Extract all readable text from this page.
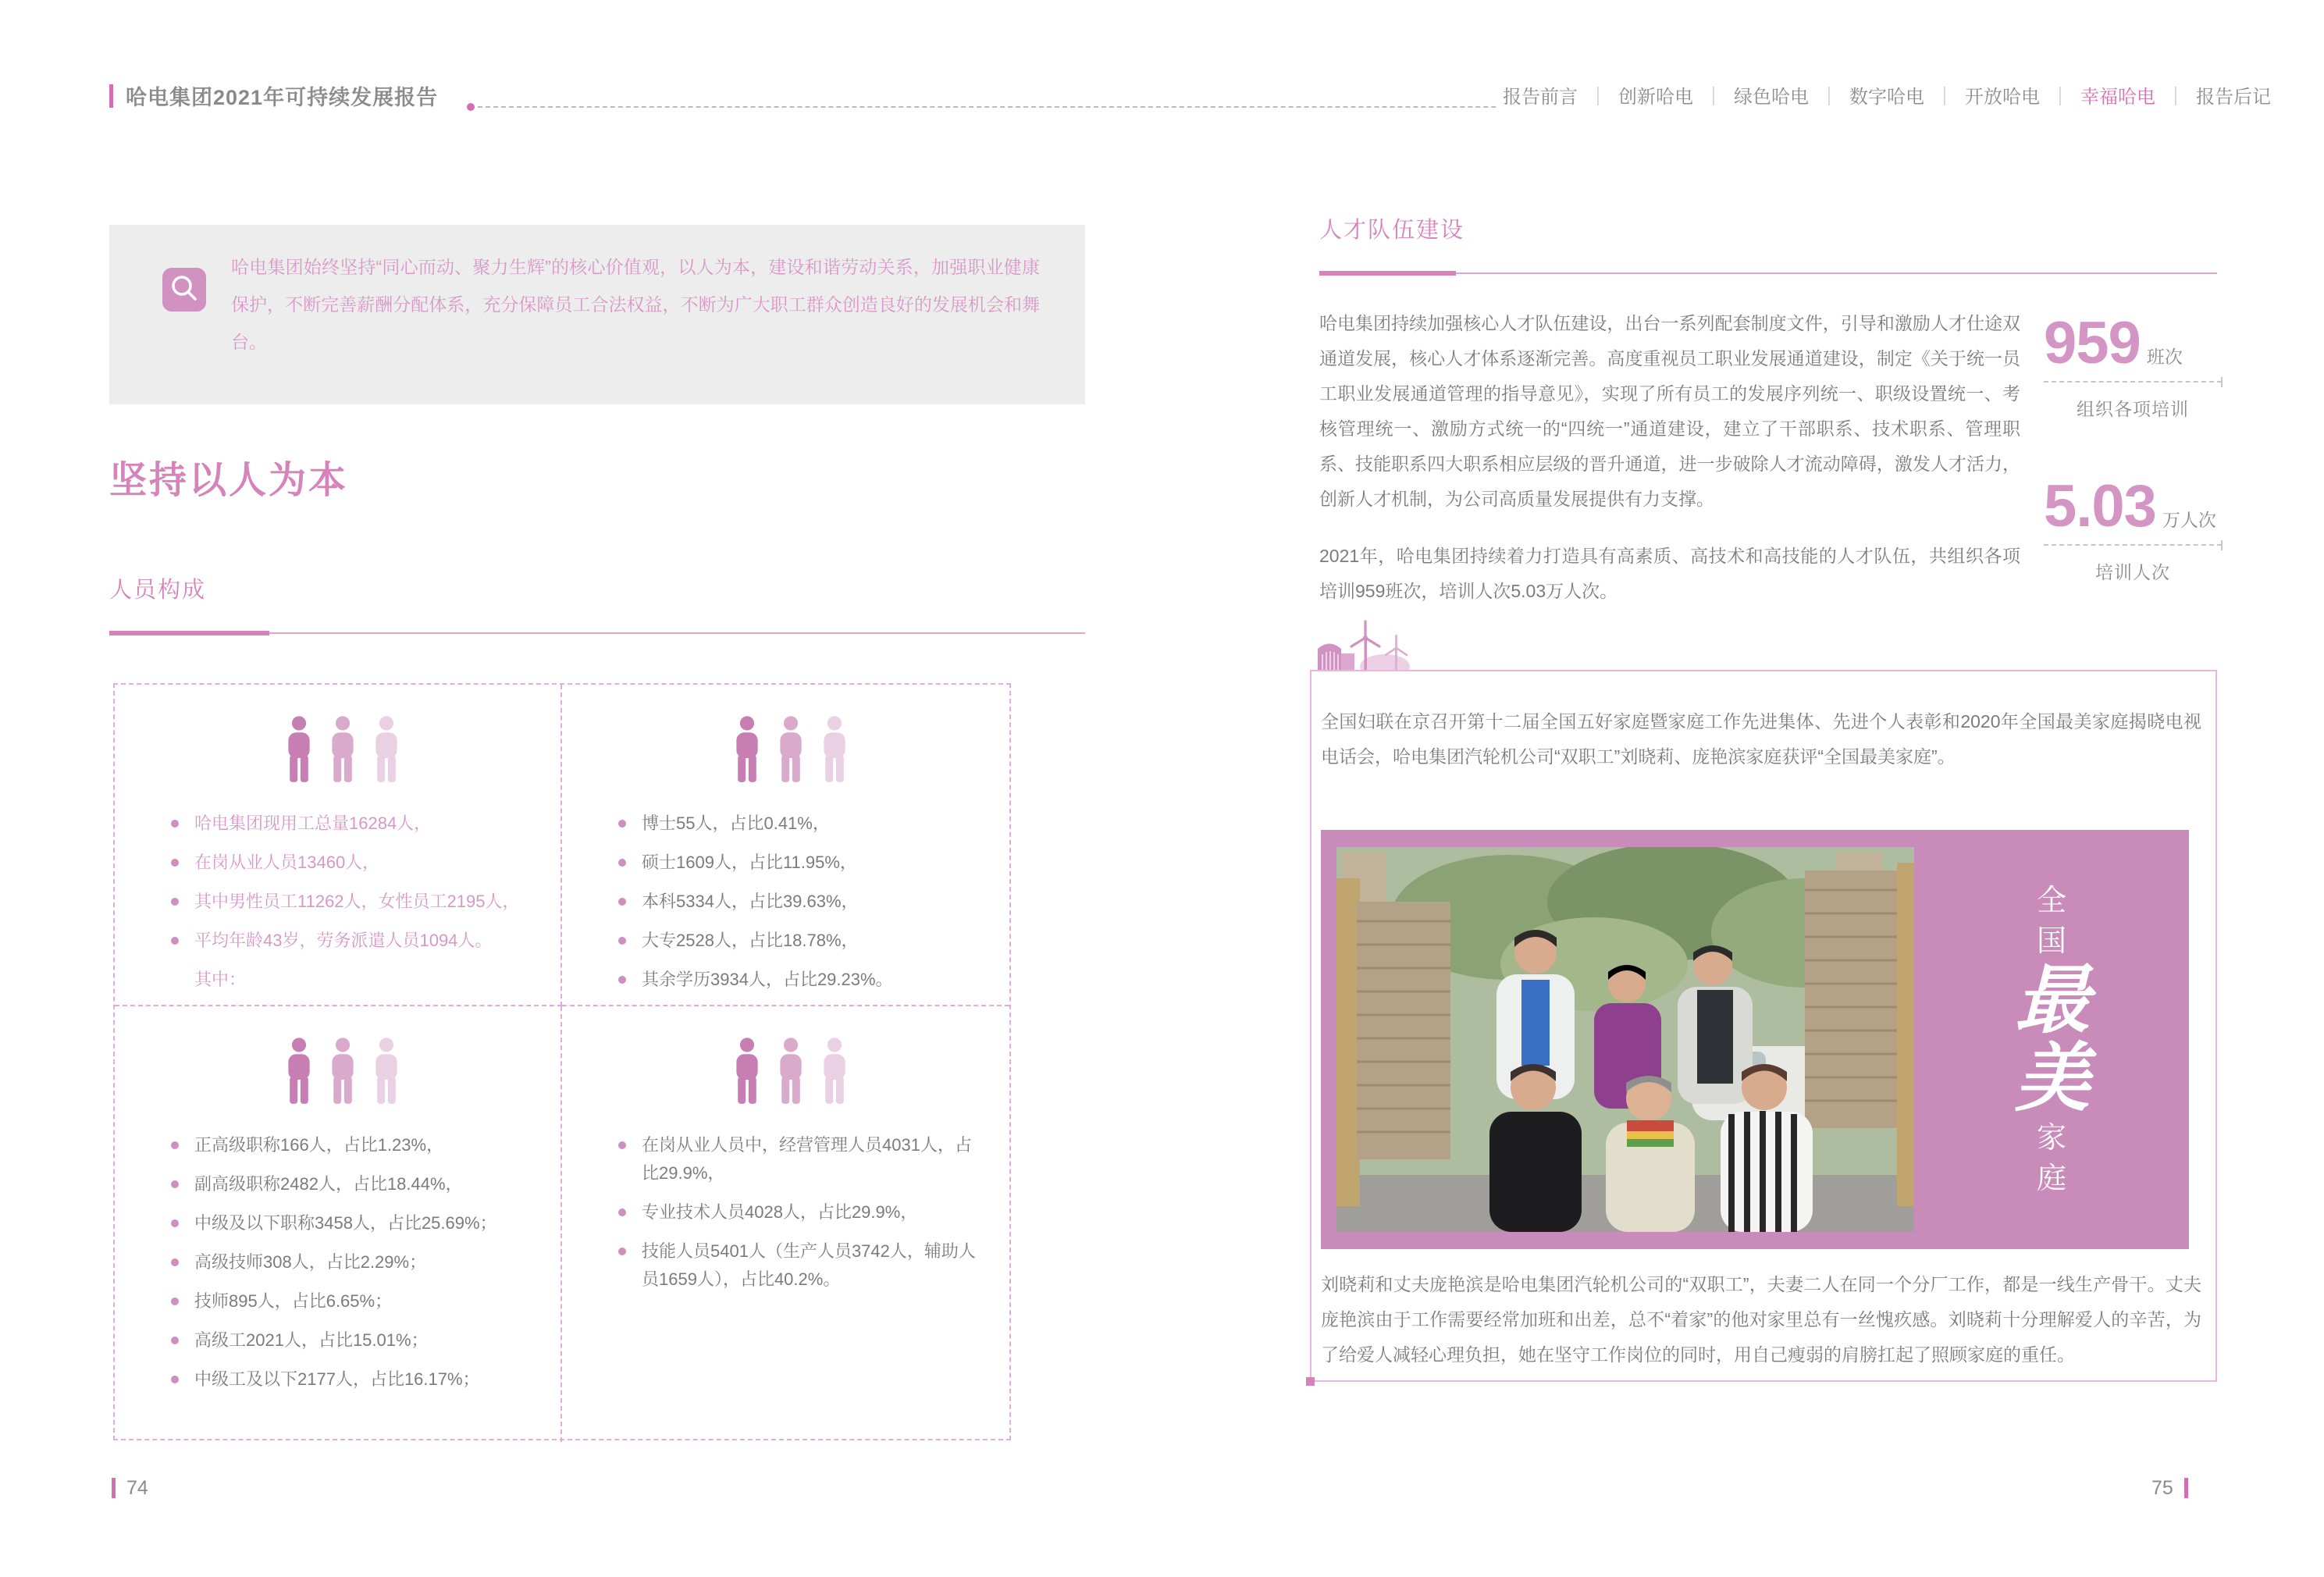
哈电集团2021年可持续发展报告	报告前言 ｜ 创新哈电 ｜ 绿色哈电 ｜ 数字哈电 ｜ 开放哈电 ｜ 幸福哈电 ｜ 报告后记

哈电集团始终坚持“同心而动、聚力生辉”的核心价值观，以人为本，建设和谐劳动关系，加强职业健康保护，不断完善薪酬分配体系，充分保障员工合法权益，不断为广大职工群众创造良好的发展机会和舞台。

坚持以人为本
人员构成
哈电集团现用工总量16284人，
在岗从业人员13460人，
其中男性员工11262人，女性员工2195人，
平均年龄43岁，劳务派遣人员1094人。
其中：
博士55人，占比0.41%，
硕士1609人，占比11.95%，
本科5334人，占比39.63%，
大专2528人，占比18.78%，
其余学历3934人，占比29.23%。
正高级职称166人，占比1.23%，
副高级职称2482人，占比18.44%，
中级及以下职称3458人，占比25.69%；
高级技师308人，占比2.29%；
技师895人，占比6.65%；
高级工2021人，占比15.01%；
中级工及以下2177人，占比16.17%；
在岗从业人员中，经营管理人员4031人，占比29.9%，
专业技术人员4028人，占比29.9%，
技能人员5401人（生产人员3742人，辅助人员1659人），占比40.2%。
74
人才队伍建设

哈电集团持续加强核心人才队伍建设，出台一系列配套制度文件，引导和激励人才仕途双通道发展，核心人才体系逐渐完善。高度重视员工职业发展通道建设，制定《关于统一员工职业发展通道管理的指导意见》，实现了所有员工的发展序列统一、职级设置统一、考核管理统一、激励方式统一的“四统一”通道建设，建立了干部职系、技术职系、管理职系、技能职系四大职系相应层级的晋升通道，进一步破除人才流动障碍，激发人才活力，创新人才机制，为公司高质量发展提供有力支撑。

2021年，哈电集团持续着力打造具有高素质、高技术和高技能的人才队伍，共组织各项培训959班次，培训人次5.03万人次。

959 班次
组织各项培训
5.03 万人次
培训人次

全国妇联在京召开第十二届全国五好家庭暨家庭工作先进集体、先进个人表彰和2020年全国最美家庭揭晓电视电话会，哈电集团汽轮机公司“双职工”刘晓莉、庞艳滨家庭获评“全国最美家庭”。

全
国
最
美
家
庭

刘晓莉和丈夫庞艳滨是哈电集团汽轮机公司的“双职工”，夫妻二人在同一个分厂工作，都是一线生产骨干。丈夫庞艳滨由于工作需要经常加班和出差，总不“着家”的他对家里总有一丝愧疚感。刘晓莉十分理解爱人的辛苦，为了给爱人减轻心理负担，她在坚守工作岗位的同时，用自己瘦弱的肩膀扛起了照顾家庭的重任。

75
